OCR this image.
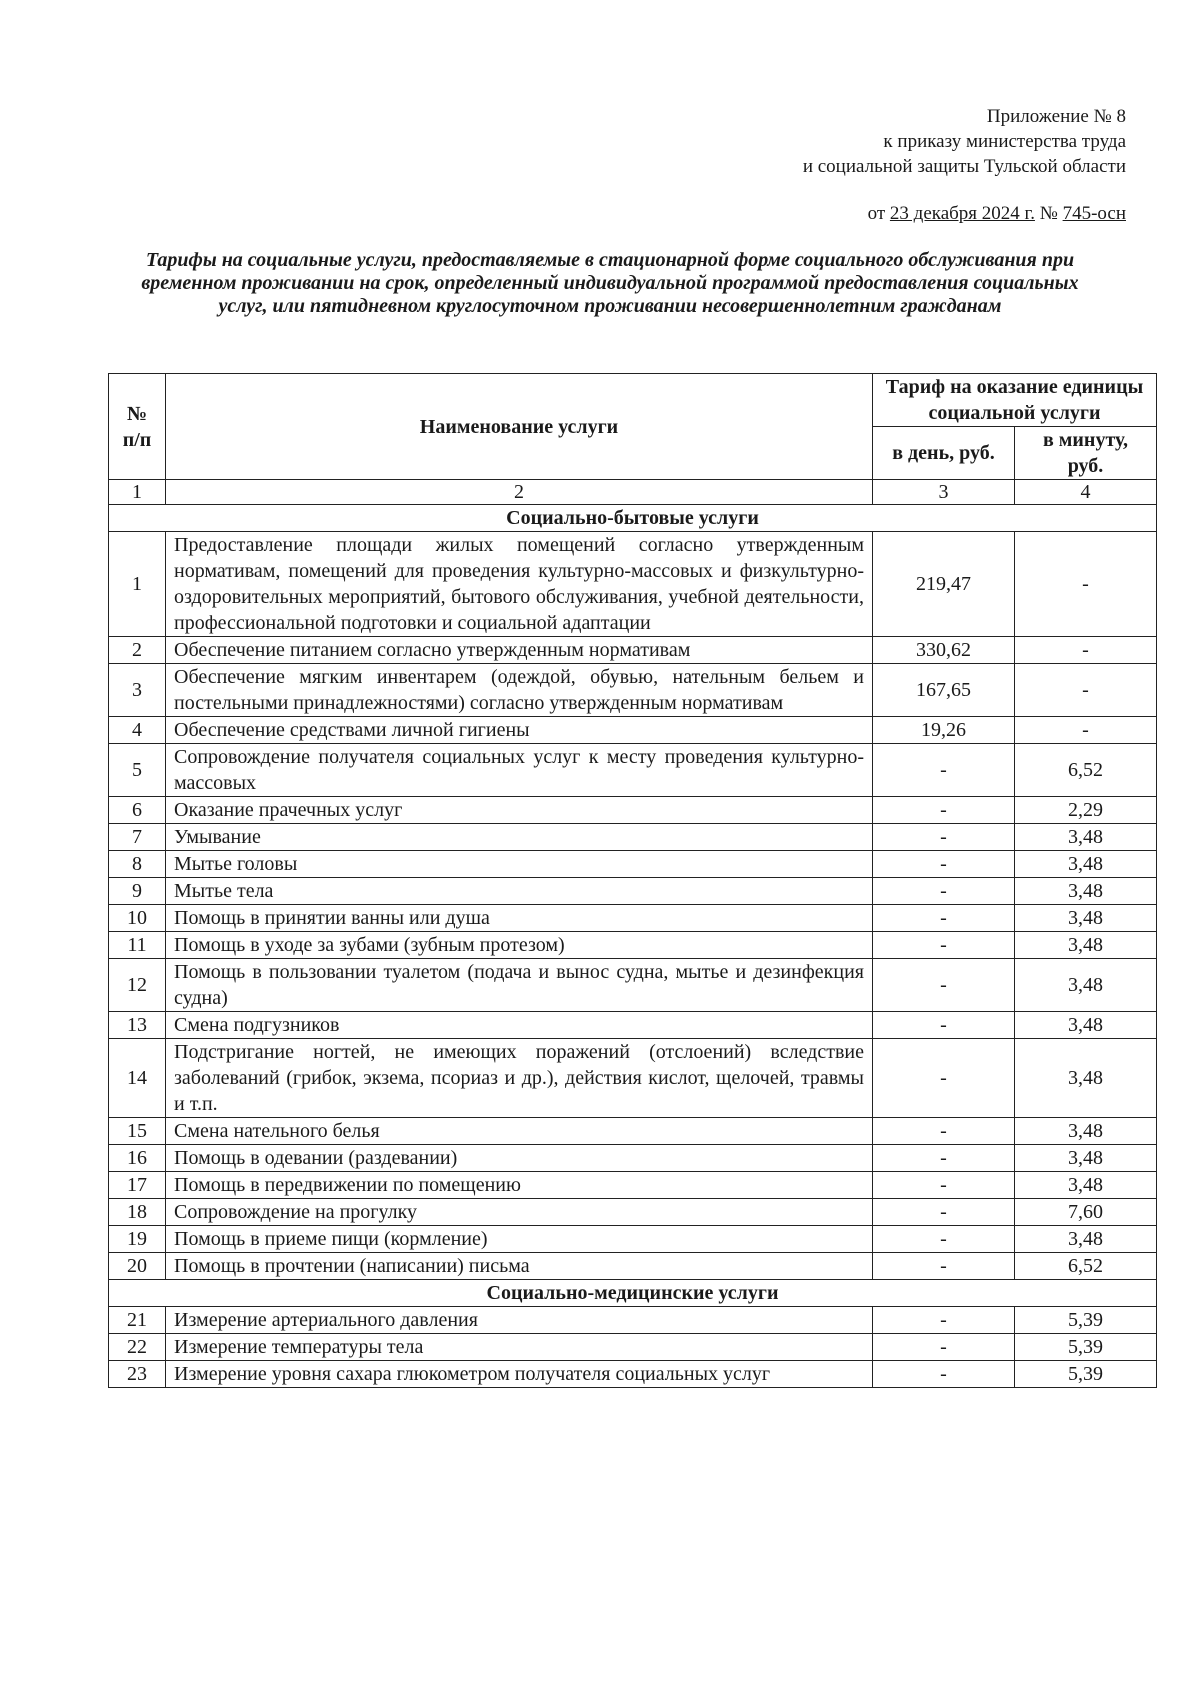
Приложение № 8
к приказу министерства труда
и социальной защиты Тульской области
от 23 декабря 2024 г. № 745-осн
Тарифы на социальные услуги, предоставляемые в стационарной форме социального обслуживания при временном проживании на срок, определенный индивидуальной программой предоставления социальных услуг, или пятидневном круглосуточном проживании несовершеннолетним гражданам
№ п/п	Наименование услуги	Тариф на оказание единицы социальной услуги	
		в день, руб.	в минуту, руб.
1	2	3	4
Социально-бытовые услуги			
1	Предоставление площади жилых помещений согласно утвержденным нормативам, помещений для проведения культурно-массовых и физкультурно-оздоровительных мероприятий, бытового обслуживания, учебной деятельности, профессиональной подготовки и социальной адаптации	219,47	-
2	Обеспечение питанием согласно утвержденным нормативам	330,62	-
3	Обеспечение мягким инвентарем (одеждой, обувью, нательным бельем и постельными принадлежностями) согласно утвержденным нормативам	167,65	-
4	Обеспечение средствами личной гигиены	19,26	-
5	Сопровождение получателя социальных услуг к месту проведения культурно-массовых	-	6,52
6	Оказание прачечных услуг	-	2,29
7	Умывание	-	3,48
8	Мытье головы	-	3,48
9	Мытье тела	-	3,48
10	Помощь в принятии ванны или душа	-	3,48
11	Помощь в уходе за зубами (зубным протезом)	-	3,48
12	Помощь в пользовании туалетом (подача и вынос судна, мытье и дезинфекция судна)	-	3,48
13	Смена подгузников	-	3,48
14	Подстригание ногтей, не имеющих поражений (отслоений) вследствие заболеваний (грибок, экзема, псориаз и др.), действия кислот, щелочей, травмы и т.п.	-	3,48
15	Смена нательного белья	-	3,48
16	Помощь в одевании (раздевании)	-	3,48
17	Помощь в передвижении по помещению	-	3,48
18	Сопровождение на прогулку	-	7,60
19	Помощь в приеме пищи (кормление)	-	3,48
20	Помощь в прочтении (написании) письма	-	6,52
Социально-медицинские услуги			
21	Измерение артериального давления	-	5,39
22	Измерение температуры тела	-	5,39
23	Измерение уровня сахара глюкометром получателя социальных услуг	-	5,39
